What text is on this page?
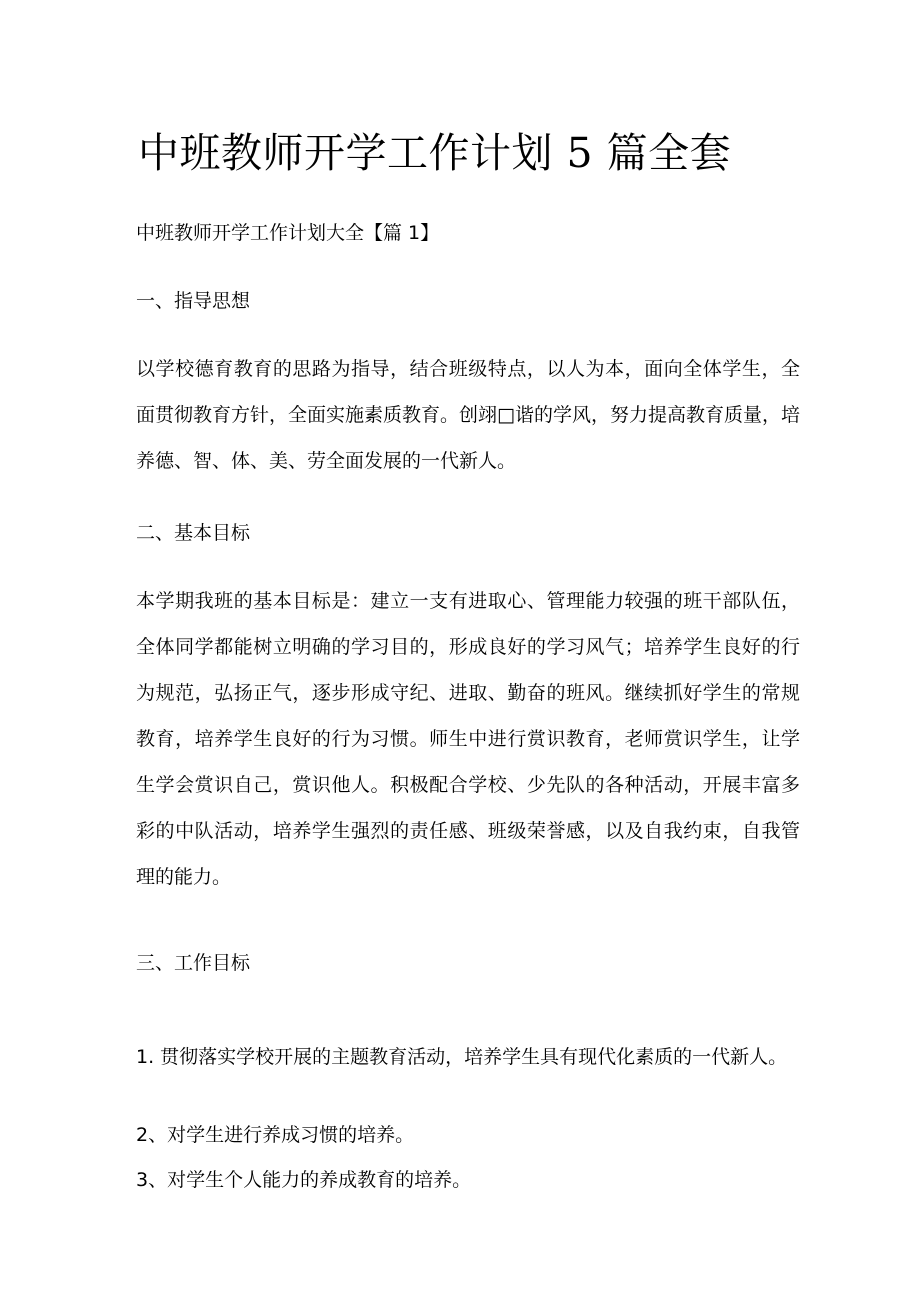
中班教师开学工作计划 5 篇全套
中班教师开学工作计划大全【篇 1】
一、指导思想

以学校德育教育的思路为指导，结合班级特点，以人为本，面向全体学生，全面贯彻教育方针，全面实施素质教育。创翊□谐的学风，努力提高教育质量，培养德、智、体、美、劳全面发展的一代新人。

二、基本目标

本学期我班的基本目标是：建立一支有进取心、管理能力较强的班干部队伍，全体同学都能树立明确的学习目的，形成良好的学习风气；培养学生良好的行为规范，弘扬正气，逐步形成守纪、进取、勤奋的班风。继续抓好学生的常规教育，培养学生良好的行为习惯。师生中进行赏识教育，老师赏识学生，让学生学会赏识自己，赏识他人。积极配合学校、少先队的各种活动，开展丰富多彩的中队活动，培养学生强烈的责任感、班级荣誉感，以及自我约束，自我管理的能力。

三、工作目标
1. 贯彻落实学校开展的主题教育活动，培养学生具有现代化素质的一代新人。
2、对学生进行养成习惯的培养。
3、对学生个人能力的养成教育的培养。
